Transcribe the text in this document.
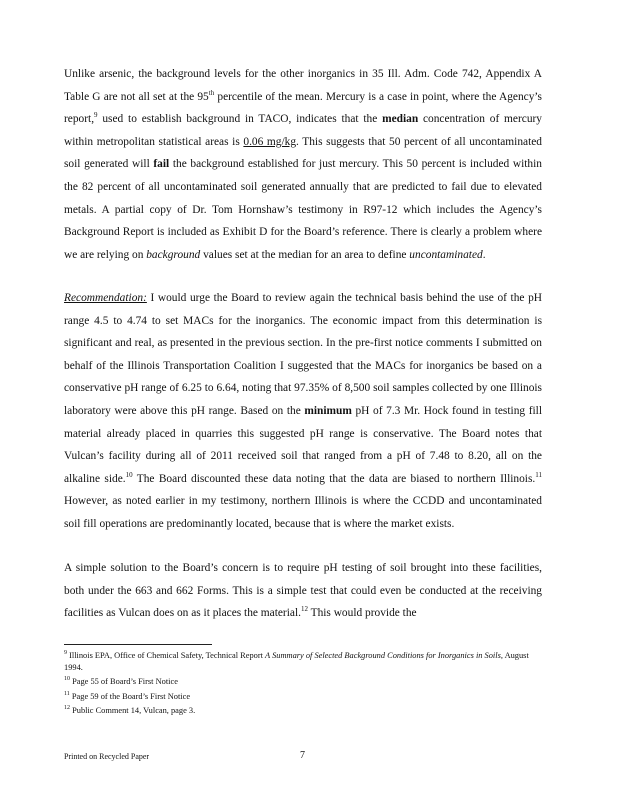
Unlike arsenic, the background levels for the other inorganics in 35 Ill. Adm. Code 742, Appendix A Table G are not all set at the 95th percentile of the mean. Mercury is a case in point, where the Agency’s report,$^9$ used to establish background in TACO, indicates that the median concentration of mercury within metropolitan statistical areas is 0.06 mg/kg. This suggests that 50 percent of all uncontaminated soil generated will fail the background established for just mercury. This 50 percent is included within the 82 percent of all uncontaminated soil generated annually that are predicted to fail due to elevated metals. A partial copy of Dr. Tom Hornshaw’s testimony in R97-12 which includes the Agency’s Background Report is included as Exhibit D for the Board’s reference. There is clearly a problem where we are relying on background values set at the median for an area to define uncontaminated.

Recommendation: I would urge the Board to review again the technical basis behind the use of the pH range 4.5 to 4.74 to set MACs for the inorganics. The economic impact from this determination is significant and real, as presented in the previous section. In the pre-first notice comments I submitted on behalf of the Illinois Transportation Coalition I suggested that the MACs for inorganics be based on a conservative pH range of 6.25 to 6.64, noting that 97.35% of 8,500 soil samples collected by one Illinois laboratory were above this pH range. Based on the minimum pH of 7.3 Mr. Hock found in testing fill material already placed in quarries this suggested pH range is conservative. The Board notes that Vulcan’s facility during all of 2011 received soil that ranged from a pH of 7.48 to 8.20, all on the alkaline side.$^{10}$ The Board discounted these data noting that the data are biased to northern Illinois.$^{11}$ However, as noted earlier in my testimony, northern Illinois is where the CCDD and uncontaminated soil fill operations are predominantly located, because that is where the market exists.

A simple solution to the Board’s concern is to require pH testing of soil brought into these facilities, both under the 663 and 662 Forms. This is a simple test that could even be conducted at the receiving facilities as Vulcan does on as it places the material.$^{12}$ This would provide the

$^9$ Illinois EPA, Office of Chemical Safety, Technical Report A Summary of Selected Background Conditions for Inorganics in Soils, August 1994.

$^{10}$ Page 55 of Board’s First Notice

$^{11}$ Page 59 of the Board’s First Notice

$^{12}$ Public Comment 14, Vulcan, page 3.

Printed on Recycled Paper	7
